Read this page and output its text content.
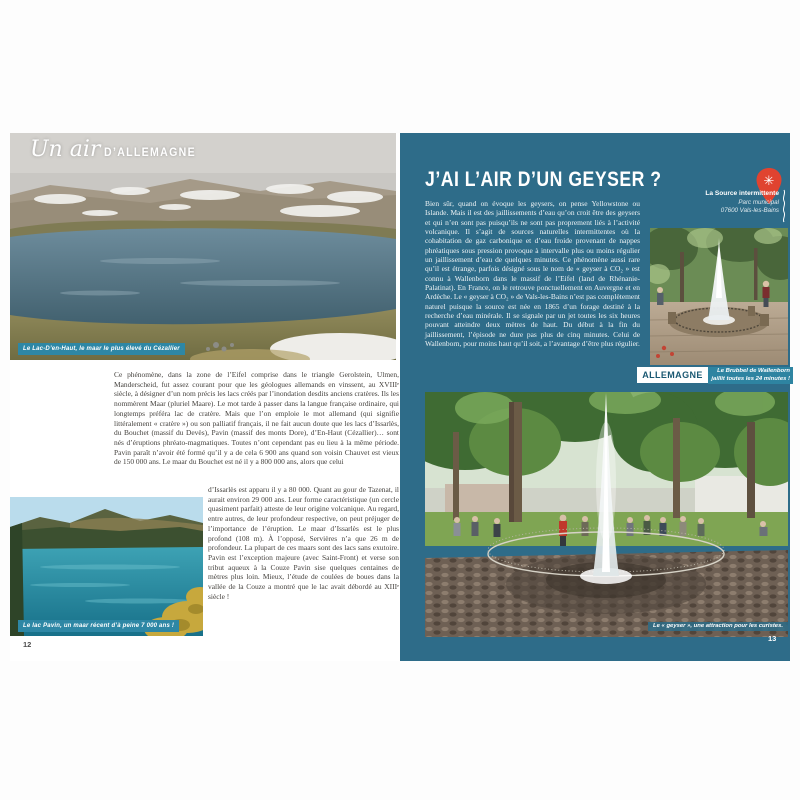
Un air D’ALLEMAGNE
Le Lac-D’en-Haut, le maar le plus élevé du Cézallier
Ce phénomène, dans la zone de l’Eifel comprise dans le triangle Gerolstein, Ulmen, Manderscheid, fut assez courant pour que les géologues allemands en vinssent, au XVIIIᵉ siècle, à désigner d’un nom précis les lacs créés par l’inondation desdits anciens cratères. Ils les nommèrent Maar (pluriel Maare). Le mot tarde à passer dans la langue française ordinaire, qui longtemps préféra lac de cratère. Mais que l’on emploie le mot allemand (qui signifie littéralement « cratère ») ou son palliatif français, il ne fait aucun doute que les lacs d’Issarlès, du Bouchet (massif du Devès), Pavin (massif des monts Dore), d’En-Haut (Cézallier)… sont nés d’éruptions phréato-magmatiques. Toutes n’ont cependant pas eu lieu à la même période. Pavin paraît n’avoir été formé qu’il y a de cela 6 900 ans quand son voisin Chauvet est vieux de 150 000 ans. Le maar du Bouchet est né il y a 800 000 ans, alors que celui
d’Issarlès est apparu il y a 80 000. Quant au gour de Tazenat, il aurait environ 29 000 ans. Leur forme caractéristique (un cercle quasiment parfait) atteste de leur origine volcanique. Au regard, entre autres, de leur profondeur respective, on peut préjuger de l’importance de l’éruption. Le maar d’Issarlès est le plus profond (108 m). À l’opposé, Servières n’a que 26 m de profondeur. La plupart de ces maars sont des lacs sans exutoire. Pavin est l’exception majeure (avec Saint-Front) et verse son tribut aqueux à la Couze Pavin sise quelques centaines de mètres plus loin. Mieux, l’étude de coulées de boues dans la vallée de la Couze a montré que le lac avait débordé au XIIIᵉ siècle !
Le lac Pavin, un maar récent d’à peine 7 000 ans !
12
J’AI L’AIR D’UN GEYSER ?
Bien sûr, quand on évoque les geysers, on pense Yellowstone ou Islande. Mais il est des jaillissements d’eau qu’on croit être des geysers et qui n’en sont pas puisqu’ils ne sont pas proprement liés à l’activité volcanique. Il s’agit de sources naturelles intermittentes où la cohabitation de gaz carbonique et d’eau froide provenant de nappes phréatiques sous pression provoque à intervalle plus ou moins régulier un jaillissement d’eau de quelques minutes. Ce phénomène aussi rare qu’il est étrange, parfois désigné sous le nom de « geyser à CO₂ » est connu à Wallenborn dans le massif de l’Eifel (land de Rhénanie-Palatinat). En France, on le retrouve ponctuellement en Auvergne et en Ardèche. Le « geyser à CO₂ » de Vals-les-Bains n’est pas complètement naturel puisque la source est née en 1865 d’un forage destiné à la recherche d’eau minérale. Il se signale par un jet toutes les six heures pouvant atteindre deux mètres de haut. Du début à la fin du jaillissement, l’épisode ne dure pas plus de cinq minutes. Celui de Wallenborn, pour moins haut qu’il soit, a l’avantage d’être plus régulier.
✳
La Source intermittente
Parc municipal
07600 Vals-les-Bains
ALLEMAGNE	Le Brubbel de Wallenborn
jaillit toutes les 24 minutes !
Le « geyser », une attraction pour les curistes.
13
